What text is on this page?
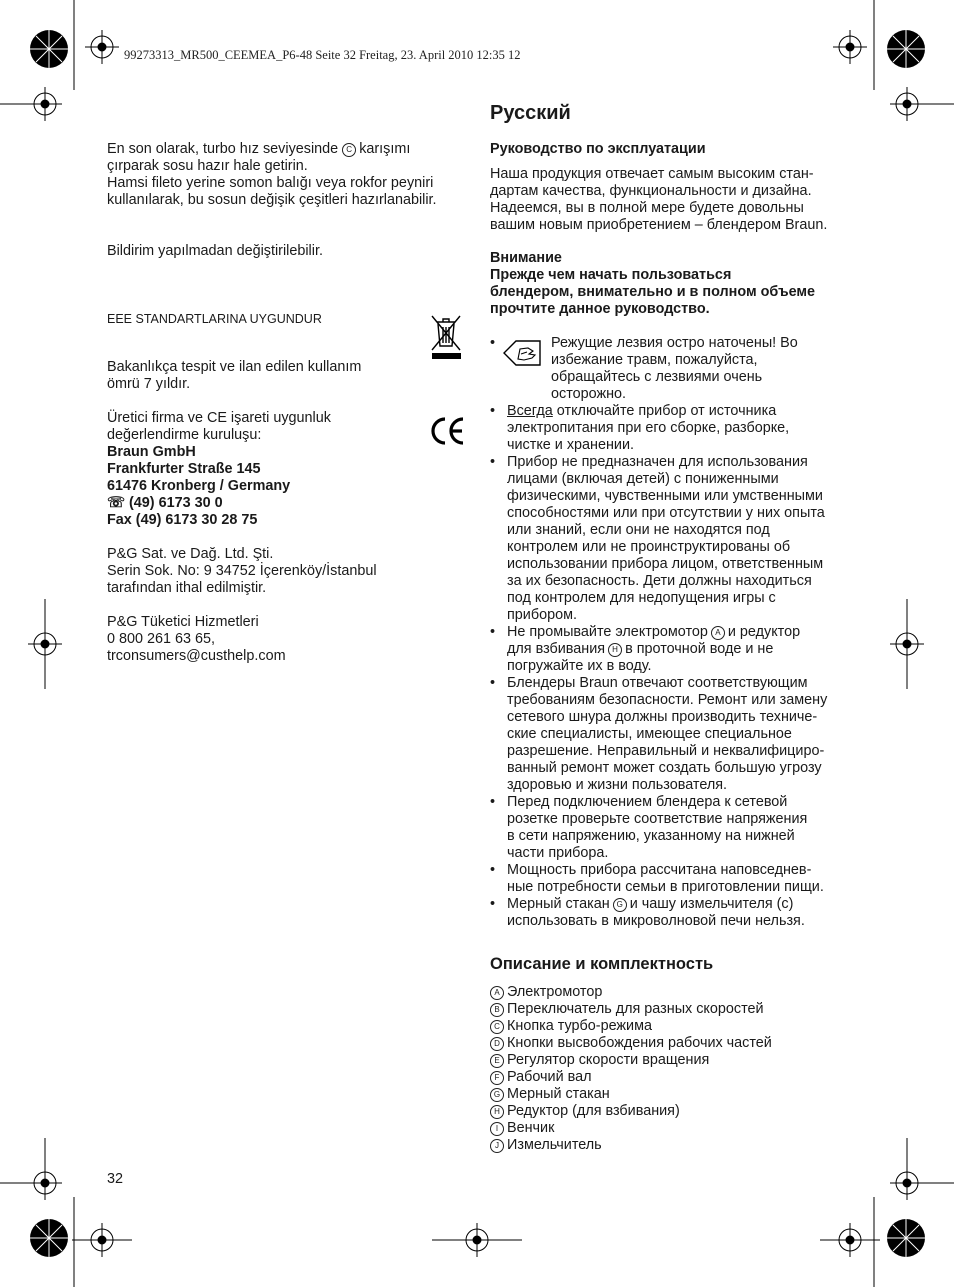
99273313_MR500_CEEMEA_P6-48 Seite 32 Freitag, 23. April 2010 12:35 12
En son olarak, turbo hız seviyesinde C karışımı
çırparak sosu hazır hale getirin.
Hamsi fileto yerine somon balığı veya rokfor peyniri
kullanılarak, bu sosun değişik çeşitleri hazırlanabilir.
Bildirim yapılmadan değiştirilebilir.
EEE STANDARTLARINA UYGUNDUR
Bakanlıkça tespit ve ilan edilen kullanım
ömrü 7 yıldır.
Üretici firma ve CE işareti uygunluk
değerlendirme kuruluşu:
Braun GmbH
Frankfurter Straße 145
61476 Kronberg / Germany
☏ (49) 6173 30 0
Fax (49) 6173 30 28 75
P&G Sat. ve Dağ. Ltd. Şti.
Serin Sok. No: 9 34752 İçerenköy/İstanbul
tarafından ithal edilmiştir.
P&G Tüketici Hizmetleri
0 800 261 63 65,
trconsumers@custhelp.com
32
Русский
Руководство по эксплуатации
Наша продукция отвечает самым высоким стан-
дартам качества, функциональности и дизайна.
Надеемся, вы в полной мере будете довольны
вашим новым приобретением – блендером Braun.
Внимание
Прежде чем начать пользоваться
блендером, внимательно и в полном объеме
прочтите данное руководство.
•	Режущие лезвия остро наточены! Во
избежание травм, пожалуйста,
обращайтесь с лезвиями очень
осторожно.
• Всегда отключайте прибор от источника
электропитания при его сборке, разборке,
чистке и хранении.
• Прибор не предназначен для использования
лицами (включая детей) с пониженными
физическими, чувственными или умственными
способностями или при отсутствии у них опыта
или знаний, если они не находятся под
контролем или не проинструктированы об
использовании прибора лицом, ответственным
за их безопасность. Дети должны находиться
под контролем для недопущения игры с
прибором.
• Не промывайте электромотор A и редуктор
для взбивания H в проточной воде и не
погружайте их в воду.
• Блендеры Braun отвечают соответствующим
требованиям безопасности. Ремонт или замену
сетевого шнура должны производить техниче-
ские специалисты, имеющее специальное
разрешение. Неправильный и неквалифициро-
ванный ремонт может создать большую угрозу
здоровью и жизни пользователя.
• Перед подключением блендера к сетевой
розетке проверьте соответствие напряжения
в сети напряжению, указанному на нижней
части прибора.
• Мощность прибора рассчитана наповседнев-
ные потребности семьи в приготовлении пищи.
• Мерный стакан G и чашу измельчителя (c)
использовать в микроволновой печи нельзя.
Описание и комплектность
A Электромотор
B Переключатель для разных скоростей
C Кнопка турбо-режима
D Кнопки высвобождения рабочих частей
E Регулятор скорости вращения
F Рабочий вал
G Мерный стакан
H Редуктор (для взбивания)
I Венчик
J Измельчитель
